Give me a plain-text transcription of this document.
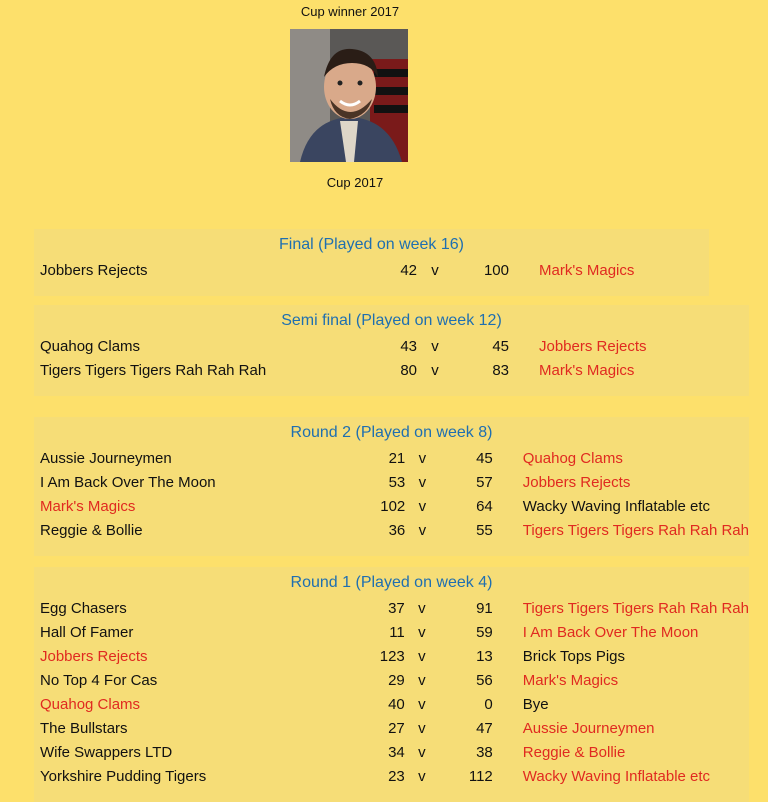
Cup winner 2017
Cup 2017
Final (Played on week 16)
Jobbers Rejects	42	v	100	Mark's Magics
Semi final (Played on week 12)
Quahog Clams	43	v	45	Jobbers Rejects
Tigers Tigers Tigers Rah Rah Rah	80	v	83	Mark's Magics
Round 2 (Played on week 8)
Aussie Journeymen	21	v	45	Quahog Clams
I Am Back Over The Moon	53	v	57	Jobbers Rejects
Mark's Magics	102	v	64	Wacky Waving Inflatable etc
Reggie & Bollie	36	v	55	Tigers Tigers Tigers Rah Rah Rah
Round 1 (Played on week 4)
Egg Chasers	37	v	91	Tigers Tigers Tigers Rah Rah Rah
Hall Of Famer	11	v	59	I Am Back Over The Moon
Jobbers Rejects	123	v	13	Brick Tops Pigs
No Top 4 For Cas	29	v	56	Mark's Magics
Quahog Clams	40	v	0	Bye
The Bullstars	27	v	47	Aussie Journeymen
Wife Swappers LTD	34	v	38	Reggie & Bollie
Yorkshire Pudding Tigers	23	v	112	Wacky Waving Inflatable etc
